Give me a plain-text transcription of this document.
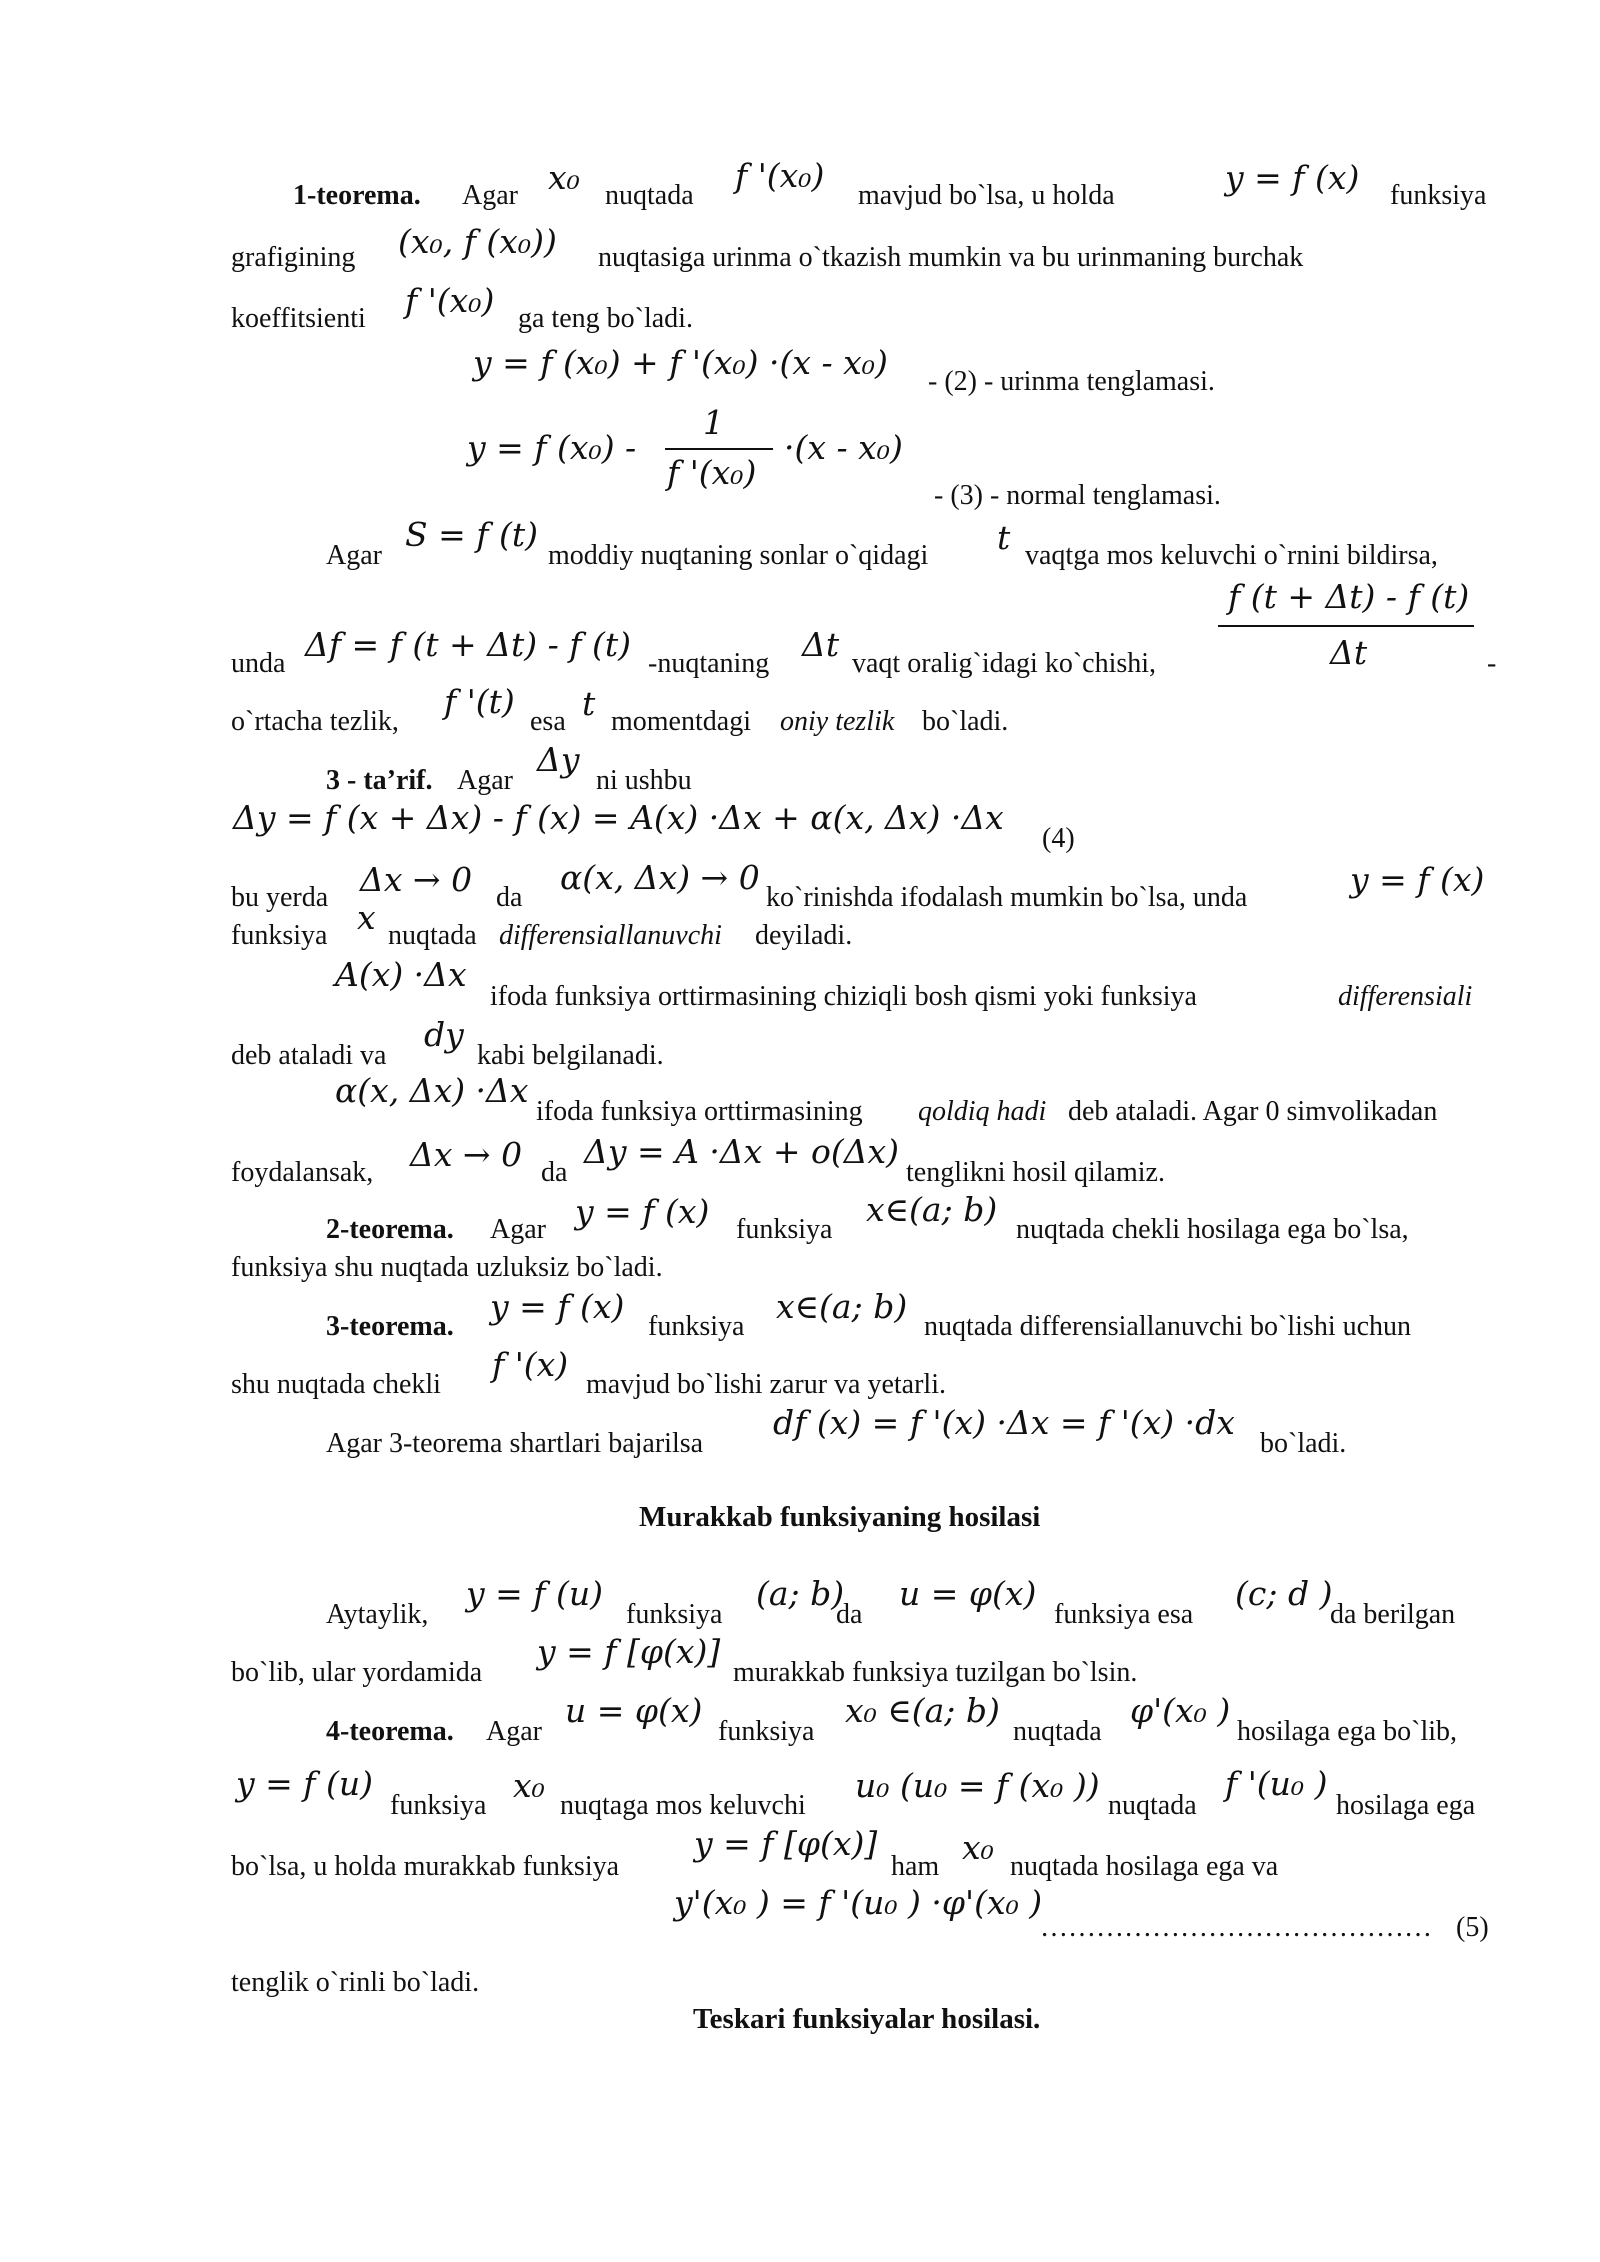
1-teorema. Agar x₀ nuqtada
f '(x₀)
mavjud bo`lsa, u holda	y = f (x) funksiya
grafigining (x₀, f (x₀)) nuqtasiga urinma o`tkazish mumkin va bu urinmaning burchak
koeffitsienti f '(x₀) ga teng bo`ladi.
y = f (x₀) + f '(x₀) ·(x - x₀) - (2) - urinma tenglamasi.
y = f (x₀) -
1
f '(x₀)
·(x - x₀)
- (3) - normal tenglamasi.
Agar
S = f (t)
moddiy nuqtaning sonlar o`qidagi t vaqtga mos keluvchi o`rnini bildirsa,
f (t + Δt) - f (t)
Δt
unda Δf = f (t + Δt) - f (t) -nuqtaning Δt vaqt oralig`idagi ko`chishi,	-
o`rtacha tezlik,
f '(t)
esa t momentdagi oniy tezlik bo`ladi.
3 - ta’rif. Agar
Δy
ni ushbu
Δy = f (x + Δx) - f (x) = A(x) ·Δx + α(x, Δx) ·Δx
(4)
bu yerda Δx → 0 da
α(x, Δx) → 0
ko`rinishda ifodalash mumkin bo`lsa, unda	y = f (x)
funksiya x nuqtada differensiallanuvchi deyiladi.
A(x) ·Δx
ifoda funksiya orttirmasining chiziqli bosh qismi yoki funksiya	differensiali
deb ataladi va
dy
kabi belgilanadi.
α(x, Δx) ·Δx
ifoda funksiya orttirmasining qoldiq hadi deb ataladi. Agar 0 simvolikadan
foydalansak, Δx → 0 da
Δy = A ·Δx + o(Δx)
tenglikni hosil qilamiz.
2-teorema. Agar y = f (x) funksiya
x∈(a; b)
nuqtada chekli hosilaga ega bo`lsa,
funksiya shu nuqtada uzluksiz bo`ladi.
3-teorema.
y = f (x)
funksiya
x∈(a; b)
nuqtada differensiallanuvchi bo`lishi uchun
shu nuqtada chekli
f '(x)
mavjud bo`lishi zarur va yetarli.
Agar 3-teorema shartlari bajarilsa
df (x) = f '(x) ·Δx = f '(x) ·dx
bo`ladi.
Murakkab funksiyaning hosilasi
Aytaylik,
y = f (u)
funksiya
(a; b)
da
u = φ(x)
funksiya esa
(c; d )
da berilgan
bo`lib, ular yordamida
y = f [φ(x)]
murakkab funksiya tuzilgan bo`lsin.
4-teorema. Agar
u = φ(x)
funksiya
x₀ ∈(a; b)
nuqtada
φ'(x₀ )
hosilaga ega bo`lib,
y = f (u)
funksiya
x₀
nuqtaga mos keluvchi
u₀ (u₀ = f (x₀ ))
nuqtada
f '(u₀ )
hosilaga ega
bo`lsa, u holda murakkab funksiya
y = f [φ(x)]
ham x₀ nuqtada hosilaga ega va
y'(x₀ ) = f '(u₀ ) ·φ'(x₀ )
…………………………………… (5)
tenglik o`rinli bo`ladi.
Teskari funksiyalar hosilasi.
